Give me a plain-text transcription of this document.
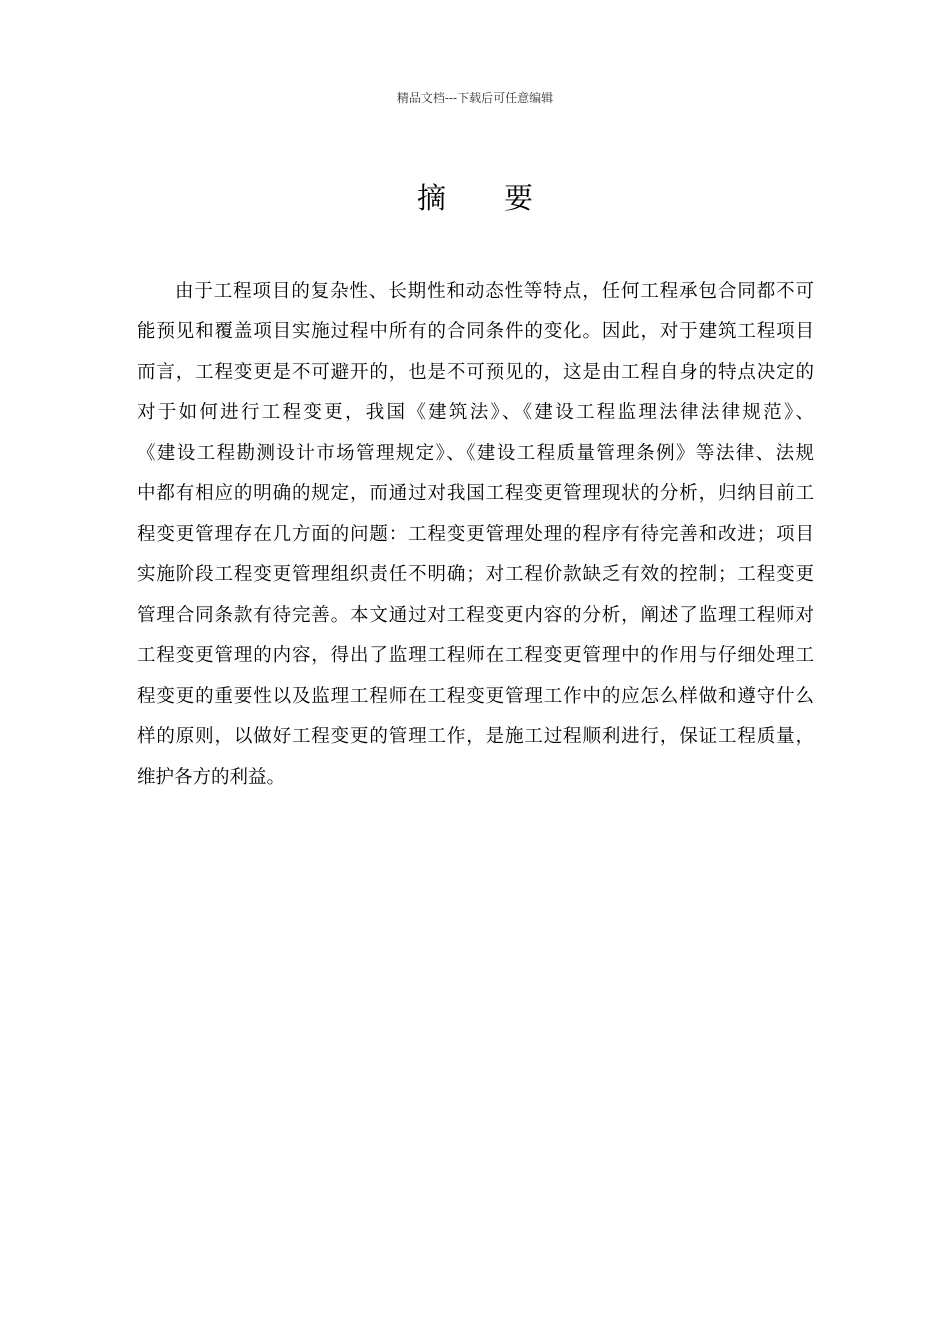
精品文档---下载后可任意编辑
摘 要
由于工程项目的复杂性、长期性和动态性等特点，任何工程承包合同都不可
能预见和覆盖项目实施过程中所有的合同条件的变化。因此，对于建筑工程项目
而言，工程变更是不可避开的，也是不可预见的，这是由工程自身的特点决定的
对于如何进行工程变更，我国《建筑法》、《建设工程监理法律法律规范》、
《建设工程勘测设计市场管理规定》、《建设工程质量管理条例》等法律、法规
中都有相应的明确的规定，而通过对我国工程变更管理现状的分析，归纳目前工
程变更管理存在几方面的问题：工程变更管理处理的程序有待完善和改进；项目
实施阶段工程变更管理组织责任不明确；对工程价款缺乏有效的控制；工程变更
管理合同条款有待完善。本文通过对工程变更内容的分析，阐述了监理工程师对
工程变更管理的内容，得出了监理工程师在工程变更管理中的作用与仔细处理工
程变更的重要性以及监理工程师在工程变更管理工作中的应怎么样做和遵守什么
样的原则，以做好工程变更的管理工作，是施工过程顺利进行，保证工程质量，
维护各方的利益。
